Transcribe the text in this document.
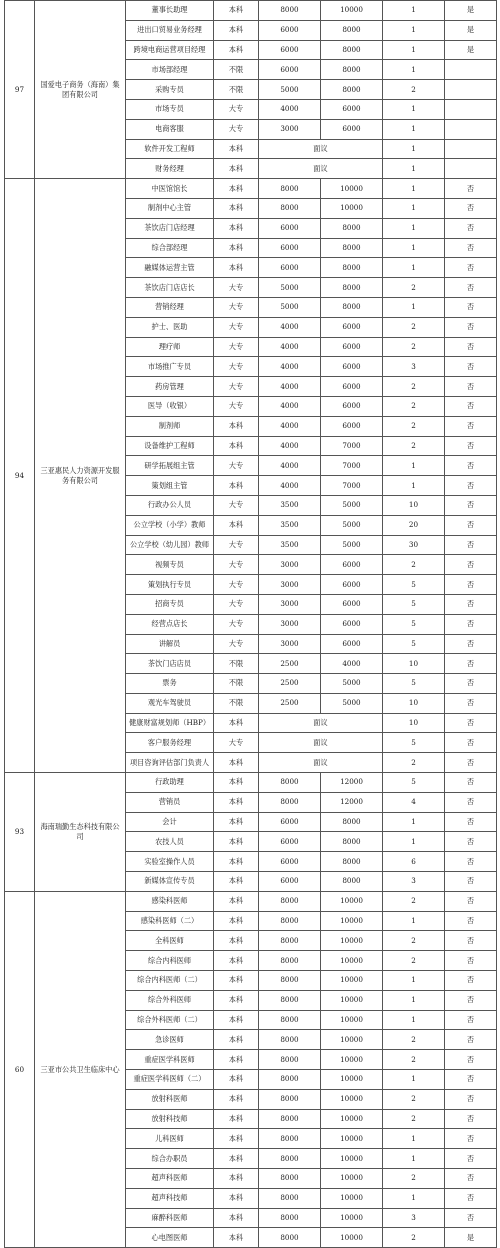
97	国爱电子商务（海南）集团有限公司	董事长助理	本科	8000	10000	1	是
		进出口贸易业务经理	本科	6000	8000	1	是
		跨境电商运营项目经理	本科	6000	8000	1	是
		市场部经理	不限	6000	8000	1	
		采购专员	不限	5000	8000	2	
		市场专员	大专	4000	6000	1	
		电商客服	大专	3000	6000	1	
		软件开发工程师	本科	面议		1	
		财务经理	本科	面议		1	
94	三亚惠民人力资源开发服务有限公司	中医馆馆长	本科	8000	10000	1	否
		制剂中心主管	本科	8000	10000	1	否
		茶饮店门店经理	本科	6000	8000	1	否
		综合部经理	本科	6000	8000	1	否
		融媒体运营主管	本科	6000	8000	1	否
		茶饮店门店店长	大专	5000	8000	2	否
		营销经理	大专	5000	8000	1	否
		护士、医助	大专	4000	6000	2	否
		理疗师	大专	4000	6000	2	否
		市场推广专员	大专	4000	6000	3	否
		药房管理	大专	4000	6000	2	否
		医导（收银）	大专	4000	6000	2	否
		制剂师	本科	4000	6000	2	否
		设备维护工程师	本科	4000	7000	2	否
		研学拓展组主管	大专	4000	7000	1	否
		策划组主管	本科	4000	7000	1	否
		行政办公人员	大专	3500	5000	10	否
		公立学校（小学）教师	本科	3500	5000	20	否
		公立学校（幼儿园）教师	大专	3500	5000	30	否
		视频专员	大专	3000	6000	2	否
		策划执行专员	大专	3000	6000	5	否
		招商专员	大专	3000	6000	5	否
		经营点店长	大专	3000	6000	5	否
		讲解员	大专	3000	6000	5	否
		茶饮门店店员	不限	2500	4000	10	否
		票务	不限	2500	5000	5	否
		观光车驾驶员	不限	2500	5000	10	否
		健康财富规划师（HBP）	本科	面议		10	否
		客户服务经理	大专	面议		5	否
		项目咨询评估部门负责人	本科	面议		2	否
93	海南瑞勤生态科技有限公司	行政助理	本科	8000	12000	5	否
		营销员	本科	8000	12000	4	否
		会计	本科	6000	8000	1	否
		农技人员	本科	6000	8000	1	否
		实验室操作人员	本科	6000	8000	6	否
		新媒体宣传专员	本科	6000	8000	3	否
60	三亚市公共卫生临床中心	感染科医师	本科	8000	10000	2	否
		感染科医师（二）	本科	8000	10000	1	否
		全科医师	本科	8000	10000	2	否
		综合内科医师	本科	8000	10000	2	否
		综合内科医师（二）	本科	8000	10000	1	否
		综合外科医师	本科	8000	10000	1	否
		综合外科医师（二）	本科	8000	10000	1	否
		急诊医师	本科	8000	10000	2	否
		重症医学科医师	本科	8000	10000	2	否
		重症医学科医师（二）	本科	8000	10000	1	否
		放射科医师	本科	8000	10000	2	否
		放射科技师	本科	8000	10000	2	否
		儿科医师	本科	8000	10000	1	否
		综合办职员	本科	8000	10000	1	否
		超声科医师	本科	8000	10000	2	否
		超声科技师	本科	8000	10000	1	否
		麻醉科医师	本科	8000	10000	3	否
		心电图医师	本科	8000	10000	2	是
